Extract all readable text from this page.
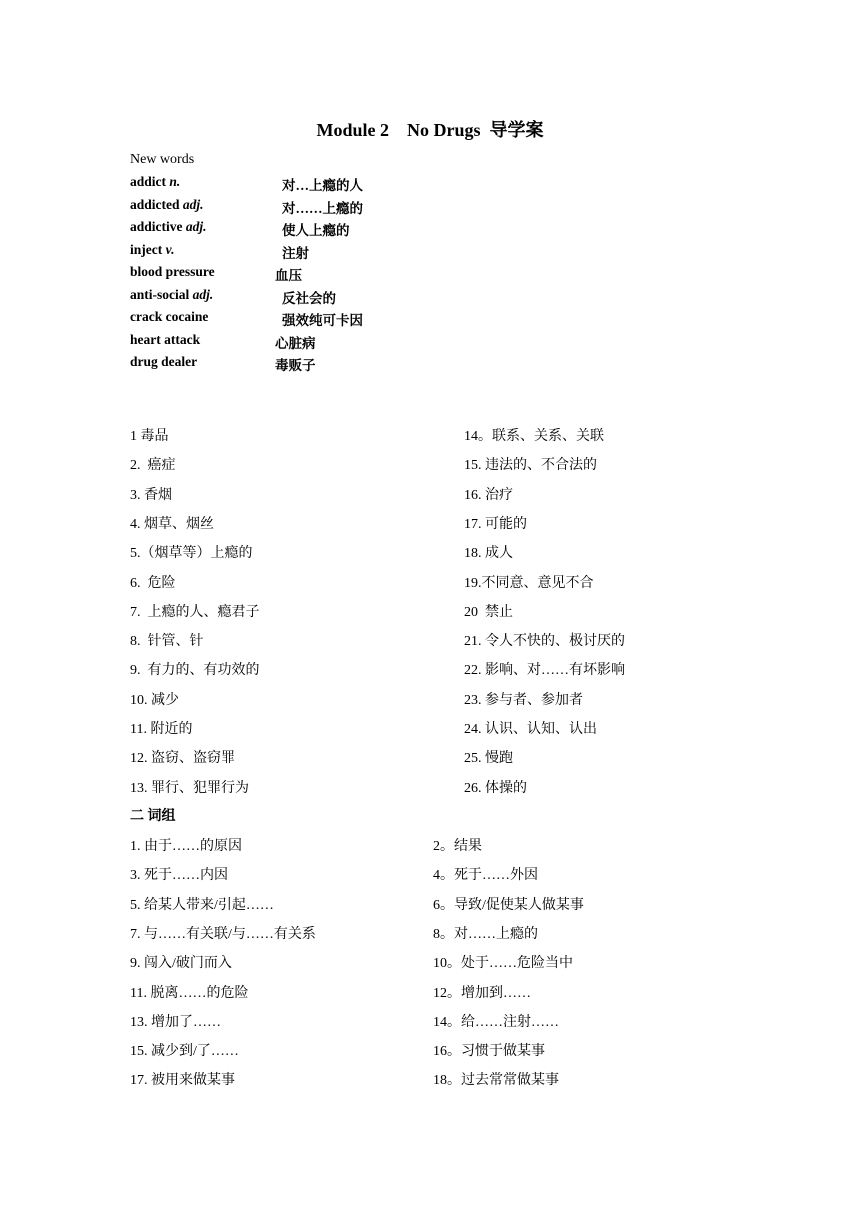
Module 2    No Drugs  导学案
New words
addict n.	对…上瘾的人
addicted adj.	对……上瘾的
addictive adj.	使人上瘾的
inject v.	注射
blood pressure	血压
anti-social adj.	反社会的
crack cocaine	强效纯可卡因
heart attack	心脏病
drug dealer	毒贩子
1 毒品
2.  癌症
3. 香烟
4. 烟草、烟丝
5.（烟草等）上瘾的
6.  危险
7.  上瘾的人、瘾君子
8.  针管、针
9.  有力的、有功效的
10. 减少
11. 附近的
12. 盗窃、盗窃罪
13. 罪行、犯罪行为
14。联系、关系、关联
15. 违法的、不合法的
16. 治疗
17. 可能的
18. 成人
19.不同意、意见不合
20  禁止
21. 令人不快的、极讨厌的
22. 影响、对……有坏影响
23. 参与者、参加者
24. 认识、认知、认出
25. 慢跑
26. 体操的
二 词组
1. 由于……的原因
3. 死于……内因
5. 给某人带来/引起……
7. 与……有关联/与……有关系
9. 闯入/破门而入
11. 脱离……的危险
13. 增加了……
15. 减少到/了……
17. 被用来做某事
2。结果
4。死于……外因
6。导致/促使某人做某事
8。对……上瘾的
10。处于……危险当中
12。增加到……
14。给……注射……
16。习惯于做某事
18。过去常常做某事
